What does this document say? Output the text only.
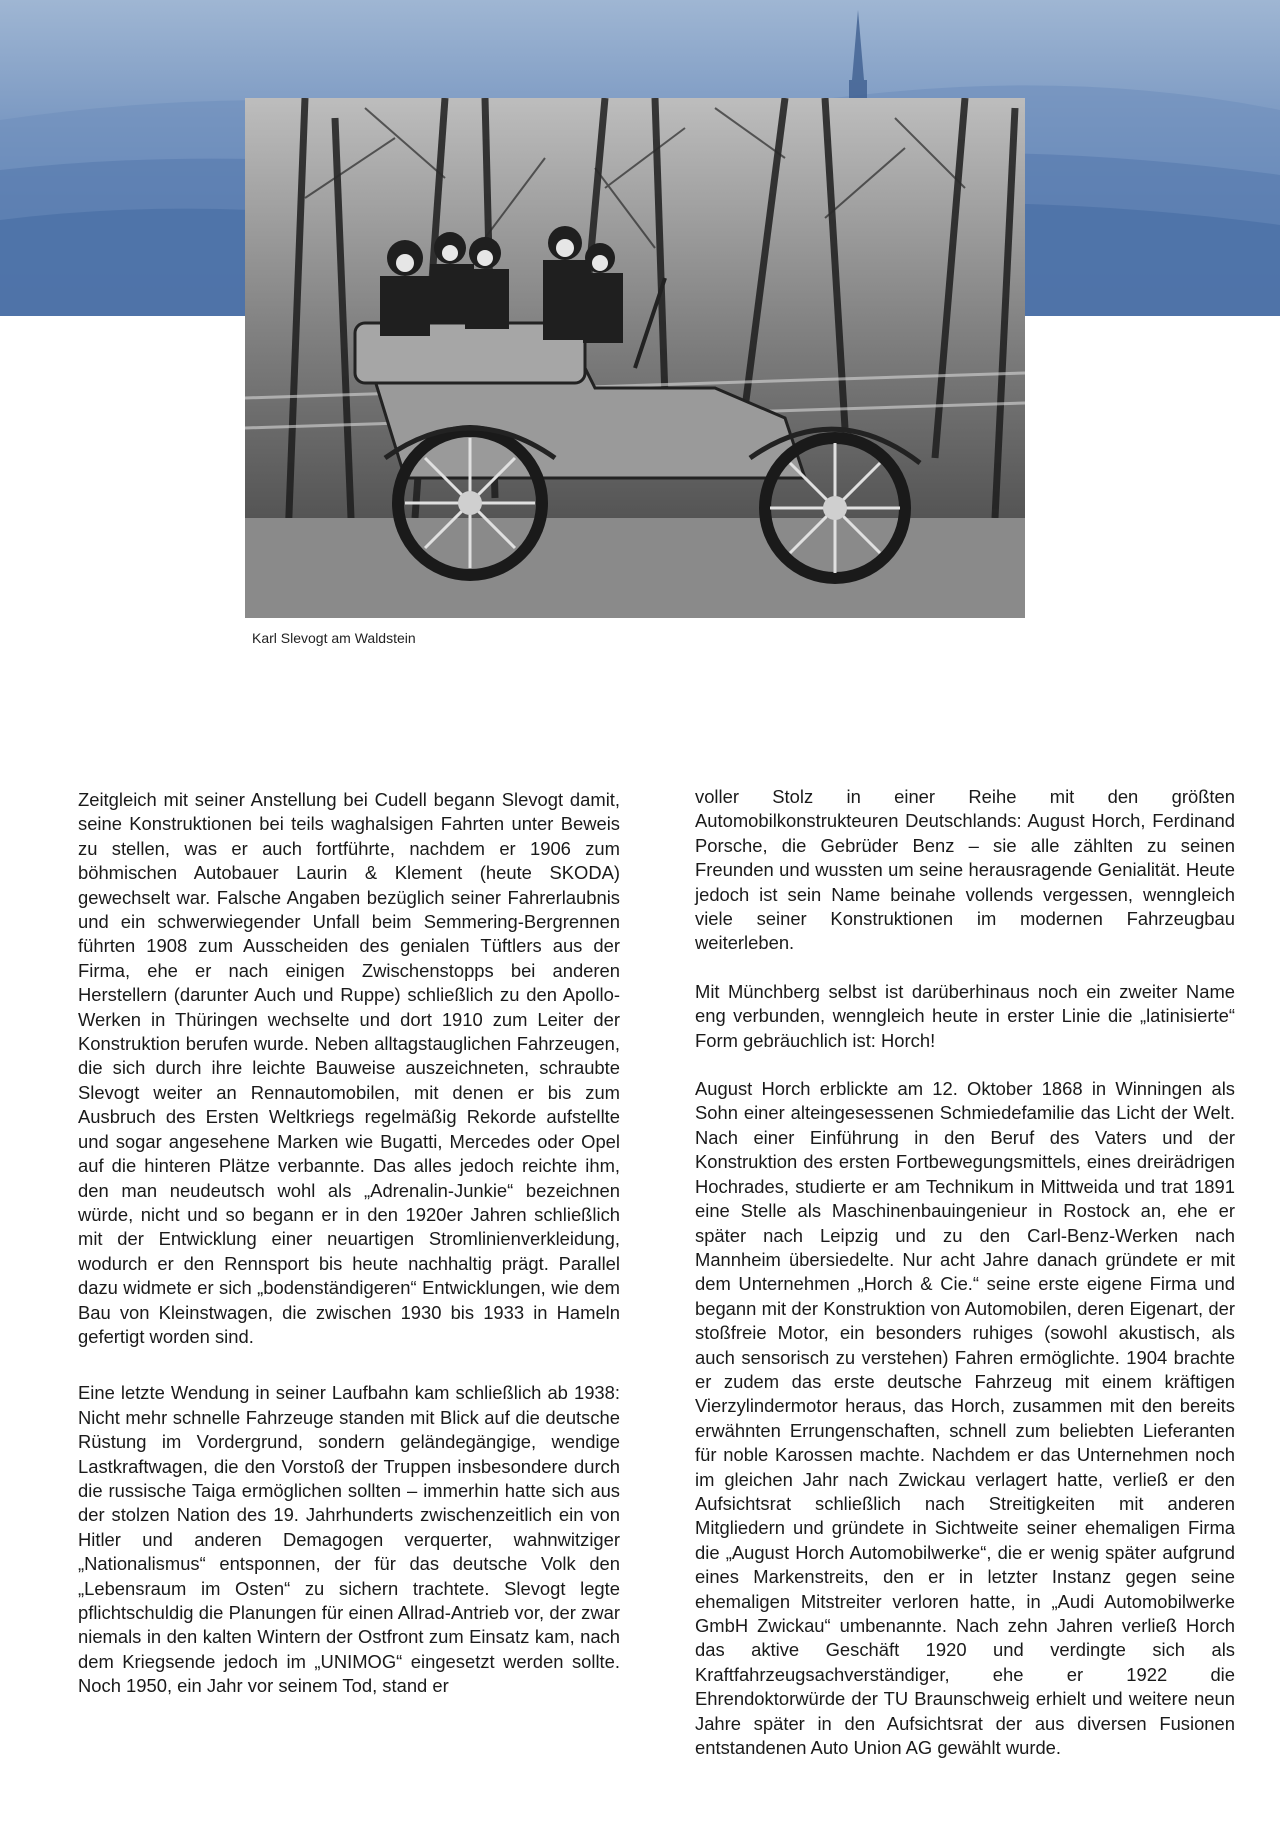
Karl Slevogt am Waldstein

Zeitgleich mit seiner Anstellung bei Cudell begann Slevogt damit, seine Konstruktionen bei teils waghalsigen Fahrten unter Beweis zu stellen, was er auch fortführte, nachdem er 1906 zum böhmischen Autobauer Laurin & Klement (heute SKODA) gewechselt war. Falsche Angaben bezüglich seiner Fahrerlaubnis und ein schwerwiegender Unfall beim Semmering-Bergrennen führten 1908 zum Ausscheiden des genialen Tüftlers aus der Firma, ehe er nach einigen Zwischenstopps bei anderen Herstellern (darunter Auch und Ruppe) schließlich zu den Apollo-Werken in Thüringen wechselte und dort 1910 zum Leiter der Konstruktion berufen wurde. Neben alltagstauglichen Fahrzeugen, die sich durch ihre leichte Bauweise auszeichneten, schraubte Slevogt weiter an Rennautomobilen, mit denen er bis zum Ausbruch des Ersten Weltkriegs regelmäßig Rekorde aufstellte und sogar angesehene Marken wie Bugatti, Mercedes oder Opel auf die hinteren Plätze verbannte. Das alles jedoch reichte ihm, den man neudeutsch wohl als „Adrenalin-Junkie“ bezeichnen würde, nicht und so begann er in den 1920er Jahren schließlich mit der Entwicklung einer neuartigen Stromlinienverkleidung, wodurch er den Rennsport bis heute nachhaltig prägt. Parallel dazu widmete er sich „bodenständigeren“ Entwicklungen, wie dem Bau von Kleinstwagen, die zwischen 1930 bis 1933 in Hameln gefertigt worden sind.

Eine letzte Wendung in seiner Laufbahn kam schließlich ab 1938: Nicht mehr schnelle Fahrzeuge standen mit Blick auf die deutsche Rüstung im Vordergrund, sondern geländegängige, wendige Lastkraftwagen, die den Vorstoß der Truppen insbesondere durch die russische Taiga ermöglichen sollten – immerhin hatte sich aus der stolzen Nation des 19. Jahrhunderts zwischenzeitlich ein von Hitler und anderen Demagogen verquerter, wahnwitziger „Nationalismus“ entsponnen, der für das deutsche Volk den „Lebensraum im Osten“ zu sichern trachtete. Slevogt legte pflichtschuldig die Planungen für einen Allrad-Antrieb vor, der zwar niemals in den kalten Wintern der Ostfront zum Einsatz kam, nach dem Kriegsende jedoch im „UNIMOG“ eingesetzt werden sollte. Noch 1950, ein Jahr vor seinem Tod, stand er

voller Stolz in einer Reihe mit den größten Automobilkonstrukteuren Deutschlands: August Horch, Ferdinand Porsche, die Gebrüder Benz – sie alle zählten zu seinen Freunden und wussten um seine herausragende Genialität. Heute jedoch ist sein Name beinahe vollends vergessen, wenngleich viele seiner Konstruktionen im modernen Fahrzeugbau weiterleben.

Mit Münchberg selbst ist darüberhinaus noch ein zweiter Name eng verbunden, wenngleich heute in erster Linie die „latinisierte“ Form gebräuchlich ist: Horch!

August Horch erblickte am 12. Oktober 1868 in Winningen als Sohn einer alteingesessenen Schmiedefamilie das Licht der Welt. Nach einer Einführung in den Beruf des Vaters und der Konstruktion des ersten Fortbewegungsmittels, eines dreirädrigen Hochrades, studierte er am Technikum in Mittweida und trat 1891 eine Stelle als Maschinenbauingenieur in Rostock an, ehe er später nach Leipzig und zu den Carl-Benz-Werken nach Mannheim übersiedelte. Nur acht Jahre danach gründete er mit dem Unternehmen „Horch & Cie.“ seine erste eigene Firma und begann mit der Konstruktion von Automobilen, deren Eigenart, der stoßfreie Motor, ein besonders ruhiges (sowohl akustisch, als auch sensorisch zu verstehen) Fahren ermöglichte. 1904 brachte er zudem das erste deutsche Fahrzeug mit einem kräftigen Vierzylindermotor heraus, das Horch, zusammen mit den bereits erwähnten Errungenschaften, schnell zum beliebten Lieferanten für noble Karossen machte. Nachdem er das Unternehmen noch im gleichen Jahr nach Zwickau verlagert hatte, verließ er den Aufsichtsrat schließlich nach Streitigkeiten mit anderen Mitgliedern und gründete in Sichtweite seiner ehemaligen Firma die „August Horch Automobilwerke“, die er wenig später aufgrund eines Markenstreits, den er in letzter Instanz gegen seine ehemaligen Mitstreiter verloren hatte, in „Audi Automobilwerke GmbH Zwickau“ umbenannte. Nach zehn Jahren verließ Horch das aktive Geschäft 1920 und verdingte sich als Kraftfahrzeugsachverständiger, ehe er 1922 die Ehrendoktorwürde der TU Braunschweig erhielt und weitere neun Jahre später in den Aufsichtsrat der aus diversen Fusionen entstandenen Auto Union AG gewählt wurde.
